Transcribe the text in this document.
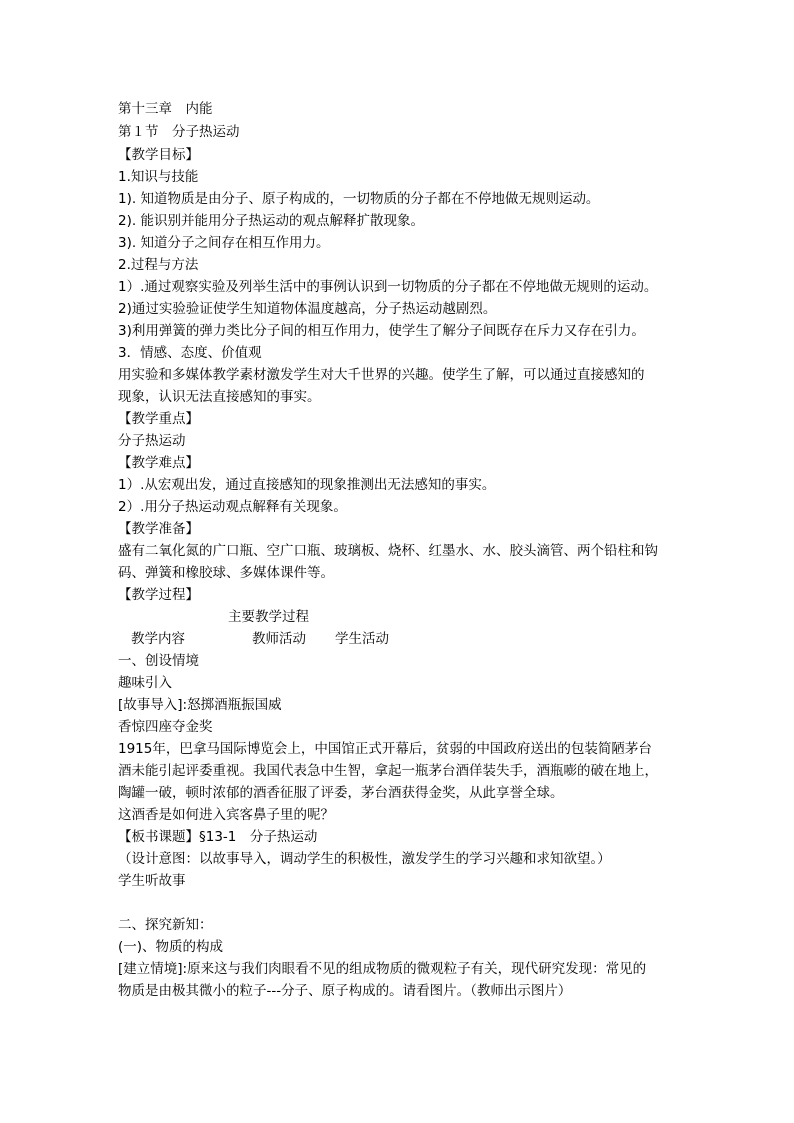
第十三章　内能
第１节　分子热运动
【教学目标】
1.知识与技能
1). 知道物质是由分子、原子构成的，一切物质的分子都在不停地做无规则运动。
2). 能识别并能用分子热运动的观点解释扩散现象。
3). 知道分子之间存在相互作用力。
2.过程与方法
1）.通过观察实验及列举生活中的事例认识到一切物质的分子都在不停地做无规则的运动。
2)通过实验验证使学生知道物体温度越高，分子热运动越剧烈。
3)利用弹簧的弹力类比分子间的相互作用力，使学生了解分子间既存在斥力又存在引力。
3．情感、态度、价值观
用实验和多媒体教学素材激发学生对大千世界的兴趣。使学生了解，可以通过直接感知的
现象，认识无法直接感知的事实。
【教学重点】
分子热运动
【教学难点】
1）.从宏观出发，通过直接感知的现象推测出无法感知的事实。
2）.用分子热运动观点解释有关现象。
【教学准备】
盛有二氧化氮的广口瓶、空广口瓶、玻璃板、烧杯、红墨水、水、胶头滴管、两个铅柱和钩
码、弹簧和橡胶球、多媒体课件等。
【教学过程】
主要教学过程
教学内容	教师活动 学生活动
一、创设情境
趣味引入
[故事导入]:怒掷酒瓶振国威
香惊四座夺金奖
1915年，巴拿马国际博览会上，中国馆正式开幕后，贫弱的中国政府送出的包装简陋茅台
酒未能引起评委重视。我国代表急中生智，拿起一瓶茅台酒佯装失手，酒瓶嘭的破在地上，
陶罐一破，顿时浓郁的酒香征服了评委，茅台酒获得金奖，从此享誉全球。
这酒香是如何进入宾客鼻子里的呢？
【板书课题】§13-1　分子热运动
（设计意图：以故事导入，调动学生的积极性，激发学生的学习兴趣和求知欲望。）
学生听故事
二、探究新知：
(一)、物质的构成
[建立情境]:原来这与我们肉眼看不见的组成物质的微观粒子有关，现代研究发现：常见的
物质是由极其微小的粒子---分子、原子构成的。请看图片。（教师出示图片）
